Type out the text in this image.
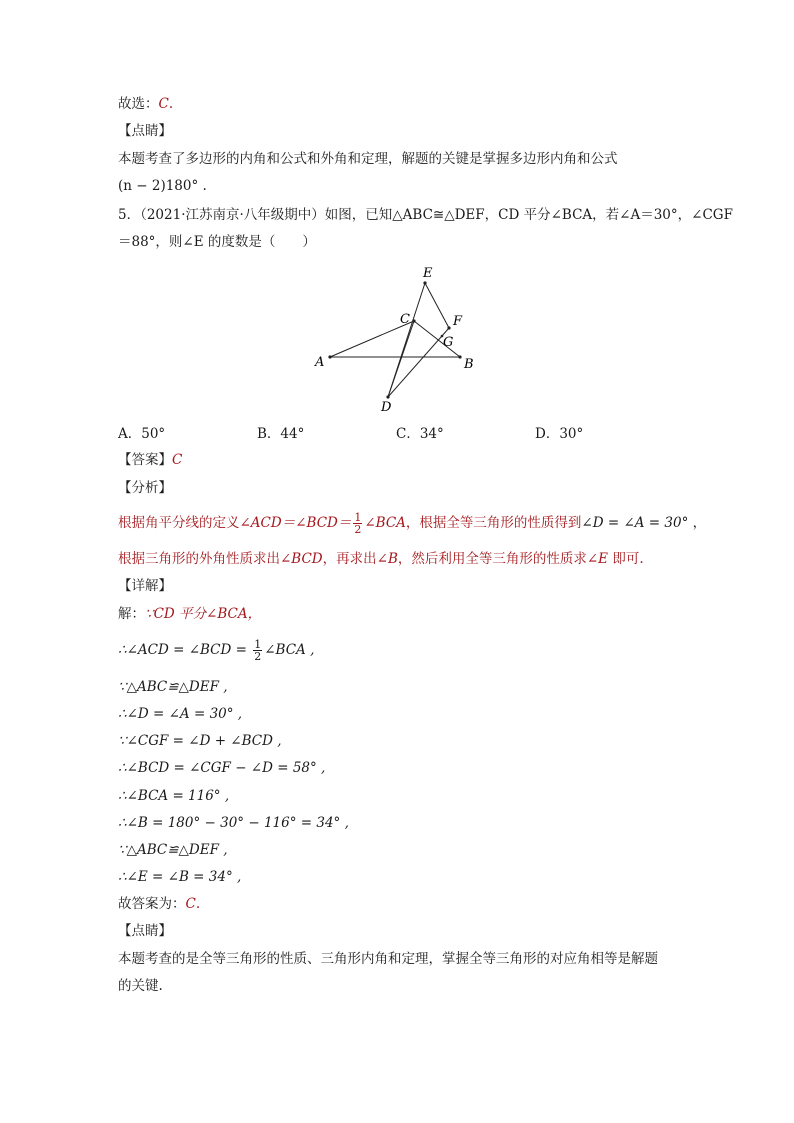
故选：C.
【点睛】
本题考查了多边形的内角和公式和外角和定理，解题的关键是掌握多边形内角和公式
(n − 2)180° .
5．（2021·江苏南京·八年级期中）如图，已知△ABC≅△DEF，CD 平分∠BCA，若∠A＝30°，∠CGF
＝88°，则∠E 的度数是（　　）
A	B
C
D
E
F
G
A．50°	B．44°	C．34°	D．30°
【答案】C
【分析】
根据角平分线的定义∠ACD＝∠BCD＝ $\frac{1}{2}$ ∠BCA，根据全等三角形的性质得到∠D = ∠A = 30° ，
根据三角形的外角性质求出∠BCD，再求出∠B，然后利用全等三角形的性质求∠E 即可.
【详解】
解：∵CD 平分∠BCA，
∴∠ACD = ∠BCD = $\frac{1}{2}$ ∠BCA ,
∵△ABC≌△DEF ,
∴∠D = ∠A = 30° ,
∵∠CGF = ∠D + ∠BCD ,
∴∠BCD = ∠CGF − ∠D = 58° ,
∴∠BCA = 116° ,
∴∠B = 180° − 30° − 116° = 34° ,
∵△ABC≌△DEF ,
∴∠E = ∠B = 34° ,
故答案为：C.
【点睛】
本题考查的是全等三角形的性质、三角形内角和定理，掌握全等三角形的对应角相等是解题
的关键.
